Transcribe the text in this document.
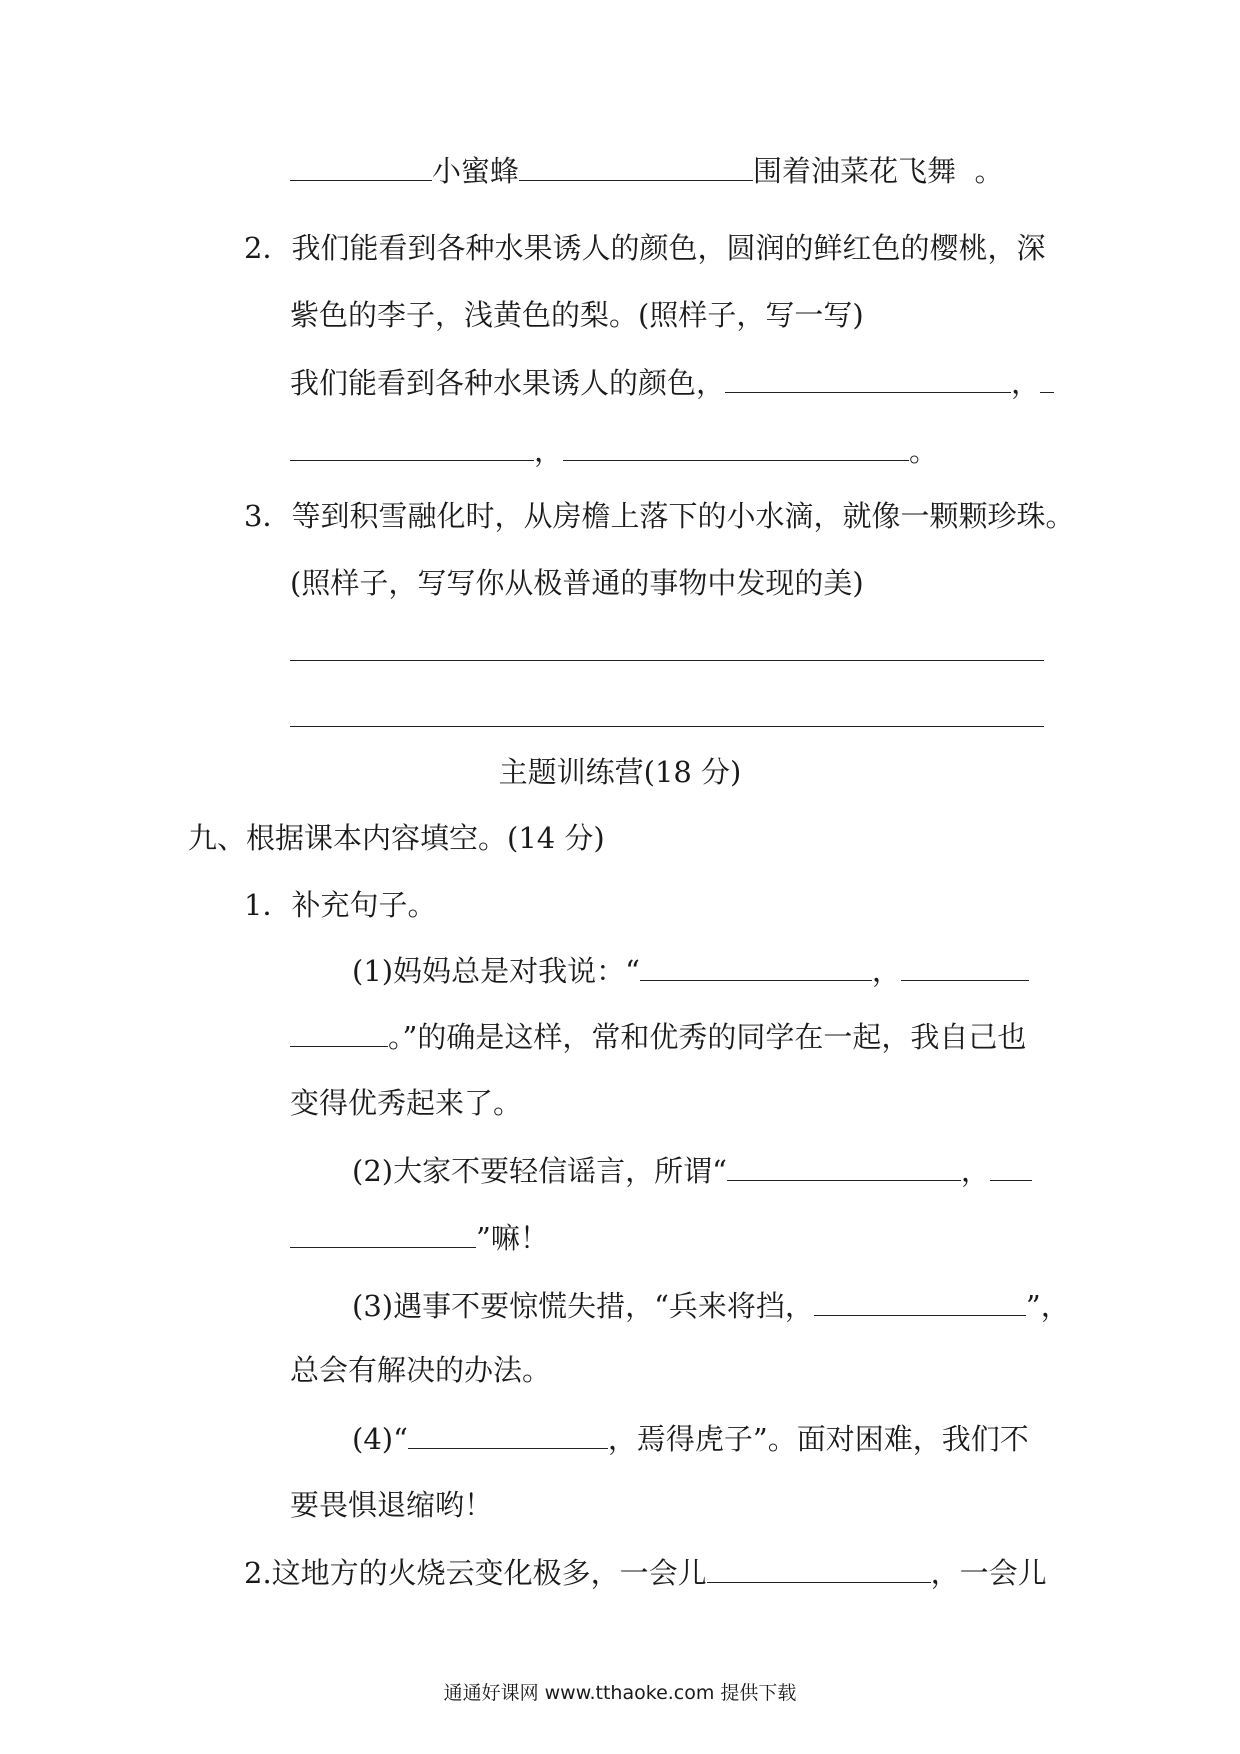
小蜜蜂	围着油菜花飞舞 。
2．我们能看到各种水果诱人的颜色，圆润的鲜红色的樱桃，深
紫色的李子，浅黄色的梨。(照样子，写一写)
我们能看到各种水果诱人的颜色，	，
，	。
3．等到积雪融化时，从房檐上落下的小水滴，就像一颗颗珍珠。
(照样子，写写你从极普通的事物中发现的美)
主题训练营(18 分)
九、根据课本内容填空。(14 分)
1．补充句子。
(1)妈妈总是对我说：“	，
。”的确是这样，常和优秀的同学在一起，我自己也
变得优秀起来了。
(2)大家不要轻信谣言，所谓“	，
”嘛！
(3)遇事不要惊慌失措，“兵来将挡，	”，
总会有解决的办法。
(4)“	，焉得虎子”。面对困难，我们不
要畏惧退缩哟！
2.这地方的火烧云变化极多，一会儿	，一会儿
通通好课网 www.tthaoke.com 提供下载
